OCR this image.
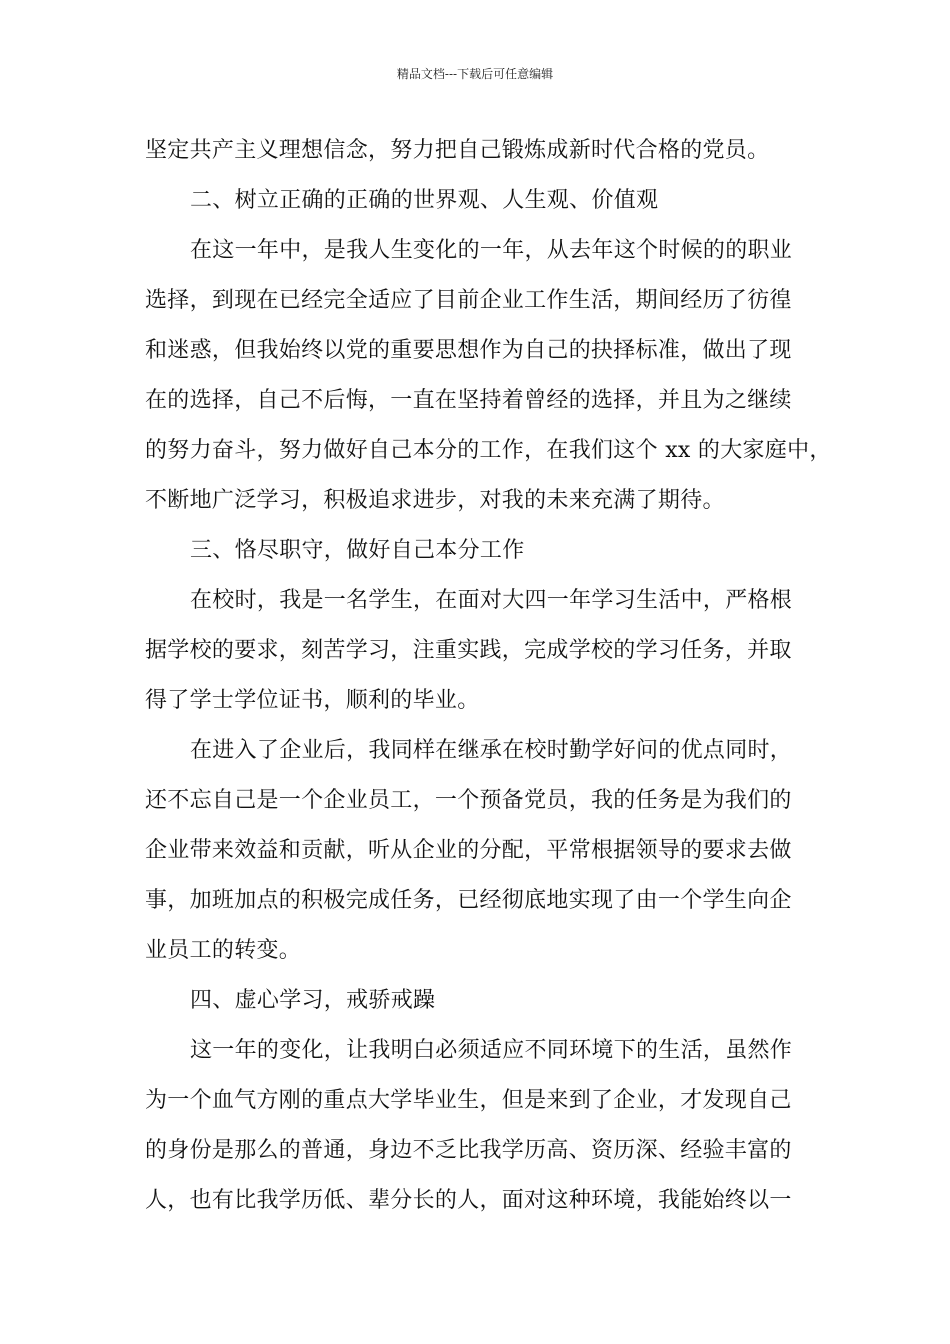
精品文档---下载后可任意编辑
坚定共产主义理想信念，努力把自己锻炼成新时代合格的党员。
二、树立正确的正确的世界观、人生观、价值观
在这一年中，是我人生变化的一年，从去年这个时候的的职业
选择，到现在已经完全适应了目前企业工作生活，期间经历了彷徨
和迷惑，但我始终以党的重要思想作为自己的抉择标准，做出了现
在的选择，自己不后悔，一直在坚持着曾经的选择，并且为之继续
的努力奋斗，努力做好自己本分的工作，在我们这个 xx 的大家庭中，
不断地广泛学习，积极追求进步，对我的未来充满了期待。
三、恪尽职守，做好自己本分工作
在校时，我是一名学生，在面对大四一年学习生活中，严格根
据学校的要求，刻苦学习，注重实践，完成学校的学习任务，并取
得了学士学位证书，顺利的毕业。
在进入了企业后，我同样在继承在校时勤学好问的优点同时，
还不忘自己是一个企业员工，一个预备党员，我的任务是为我们的
企业带来效益和贡献，听从企业的分配，平常根据领导的要求去做
事，加班加点的积极完成任务，已经彻底地实现了由一个学生向企
业员工的转变。
四、虚心学习，戒骄戒躁
这一年的变化，让我明白必须适应不同环境下的生活，虽然作
为一个血气方刚的重点大学毕业生，但是来到了企业，才发现自己
的身份是那么的普通，身边不乏比我学历高、资历深、经验丰富的
人，也有比我学历低、辈分长的人，面对这种环境，我能始终以一
